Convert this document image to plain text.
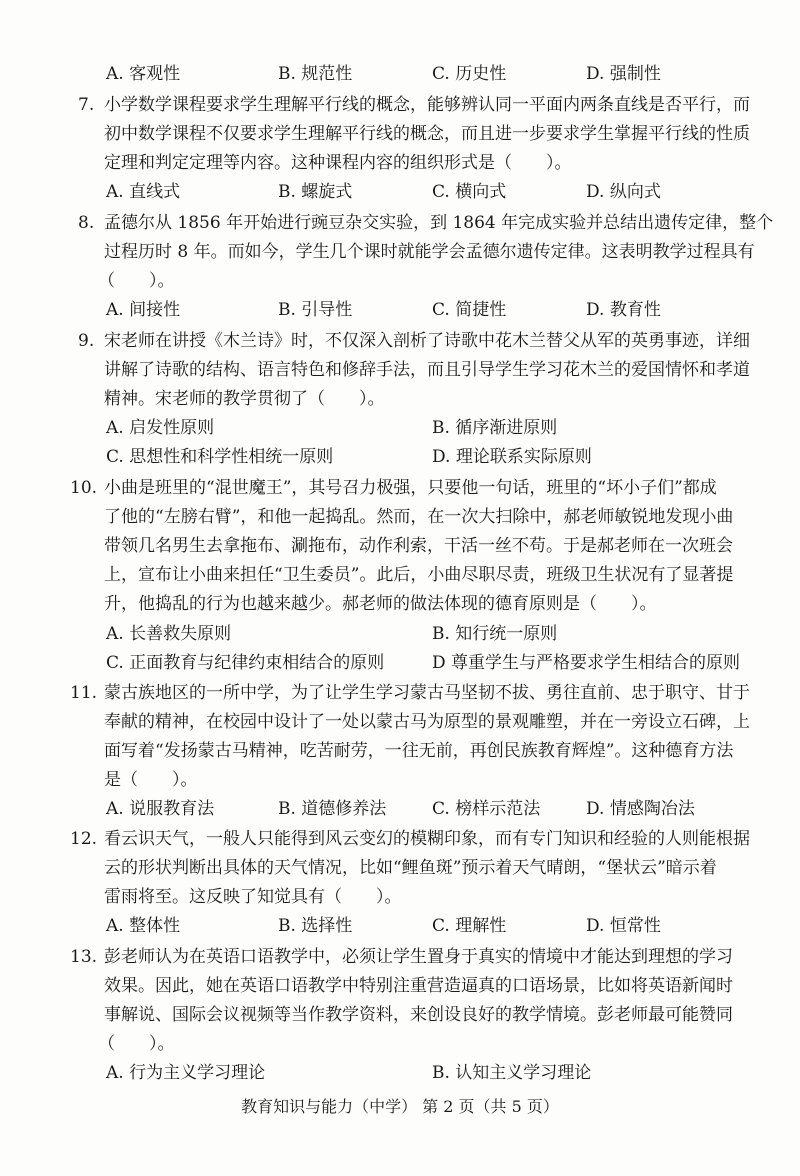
A. 客观性	B. 规范性	C. 历史性	D. 强制性
7. 小学数学课程要求学生理解平行线的概念，能够辨认同一平面内两条直线是否平行，而
初中数学课程不仅要求学生理解平行线的概念，而且进一步要求学生掌握平行线的性质
定理和判定定理等内容。这种课程内容的组织形式是（　　）。
A. 直线式	B. 螺旋式	C. 横向式	D. 纵向式
8. 孟德尔从 1856 年开始进行豌豆杂交实验，到 1864 年完成实验并总结出遗传定律，整个
过程历时 8 年。而如今，学生几个课时就能学会孟德尔遗传定律。这表明教学过程具有
（　　）。
A. 间接性	B. 引导性	C. 简捷性	D. 教育性
9. 宋老师在讲授《木兰诗》时，不仅深入剖析了诗歌中花木兰替父从军的英勇事迹，详细
讲解了诗歌的结构、语言特色和修辞手法，而且引导学生学习花木兰的爱国情怀和孝道
精神。宋老师的教学贯彻了（　　）。
A. 启发性原则	B. 循序渐进原则
C. 思想性和科学性相统一原则	D. 理论联系实际原则
10. 小曲是班里的“混世魔王”，其号召力极强，只要他一句话，班里的“坏小子们”都成
了他的“左膀右臂”，和他一起捣乱。然而，在一次大扫除中，郝老师敏锐地发现小曲
带领几名男生去拿拖布、涮拖布，动作利索，干活一丝不苟。于是郝老师在一次班会
上，宣布让小曲来担任“卫生委员”。此后，小曲尽职尽责，班级卫生状况有了显著提
升，他捣乱的行为也越来越少。郝老师的做法体现的德育原则是（　　）。
A. 长善救失原则	B. 知行统一原则
C. 正面教育与纪律约束相结合的原则	D 尊重学生与严格要求学生相结合的原则
11. 蒙古族地区的一所中学，为了让学生学习蒙古马坚韧不拔、勇往直前、忠于职守、甘于
奉献的精神，在校园中设计了一处以蒙古马为原型的景观雕塑，并在一旁设立石碑，上
面写着“发扬蒙古马精神，吃苦耐劳，一往无前，再创民族教育辉煌”。这种德育方法
是（　　）。
A. 说服教育法	B. 道德修养法	C. 榜样示范法	D. 情感陶冶法
12. 看云识天气，一般人只能得到风云变幻的模糊印象，而有专门知识和经验的人则能根据
云的形状判断出具体的天气情况，比如“鲤鱼斑”预示着天气晴朗，“堡状云”暗示着
雷雨将至。这反映了知觉具有（　　）。
A. 整体性	B. 选择性	C. 理解性	D. 恒常性
13. 彭老师认为在英语口语教学中，必须让学生置身于真实的情境中才能达到理想的学习
效果。因此，她在英语口语教学中特别注重营造逼真的口语场景，比如将英语新闻时
事解说、国际会议视频等当作教学资料，来创设良好的教学情境。彭老师最可能赞同
（　　）。
A. 行为主义学习理论	B. 认知主义学习理论
教育知识与能力（中学） 第 2 页（共 5 页）
